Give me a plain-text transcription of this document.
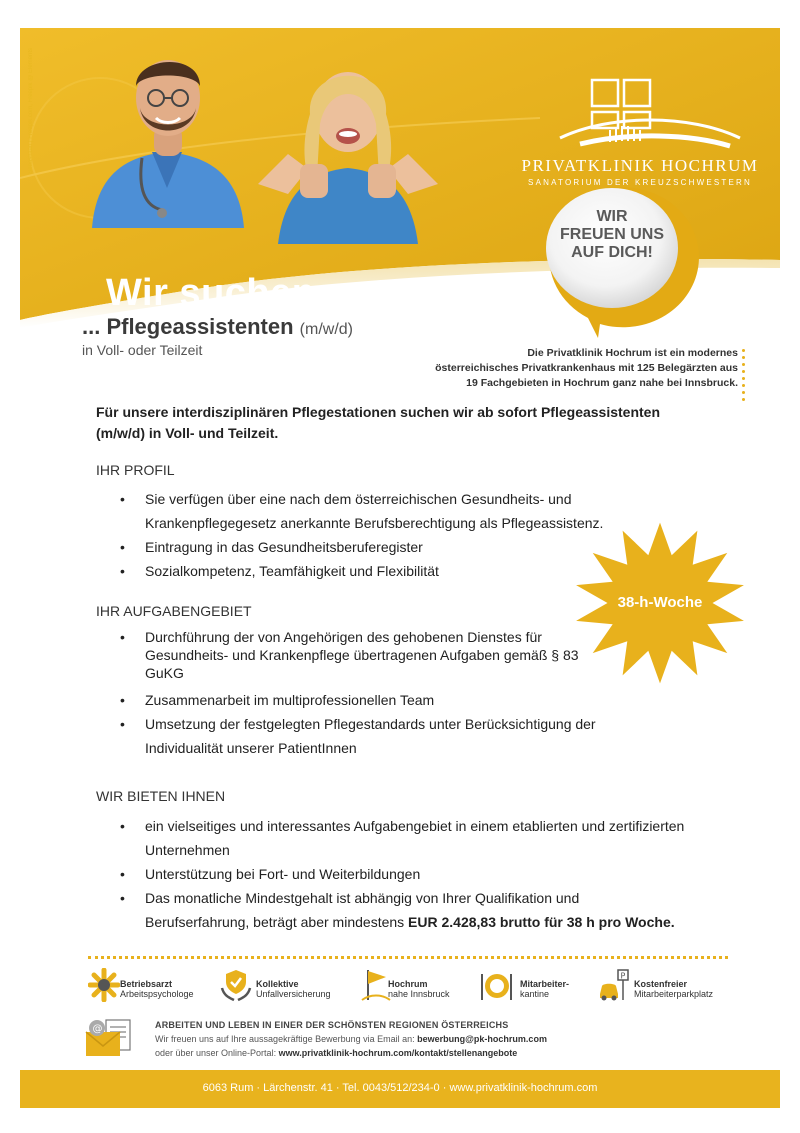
Sebastiaan | Freepik.com, Freepik @ Elements	PRIVATKLINIK HOCHRUM
SANATORIUM DER KREUZSCHWESTERN
Wir suchen ...
WIR
FREUEN UNS
AUF DICH!
... Pflegeassistenten (m/w/d)
in Voll- oder Teilzeit	Die Privatklinik Hochrum ist ein modernes
österreichisches Privatkrankenhaus mit 125 Belegärzten aus
19 Fachgebieten in Hochrum ganz nahe bei Innsbruck.
Für unsere interdisziplinären Pflegestationen suchen wir ab sofort Pflegeassistenten (m/w/d) in Voll- und Teilzeit.
IHR PROFIL
• Sie verfügen über eine nach dem österreichischen Gesundheits- und Krankenpflegegesetz anerkannte Berufsberechtigung als Pflegeassistenz.
• Eintragung in das Gesundheitsberuferegister
• Sozialkompetenz, Teamfähigkeit und Flexibilität
IHR AUFGABENGEBIET
• Durchführung der von Angehörigen des gehobenen Dienstes für Gesundheits- und Krankenpflege übertragenen Aufgaben gemäß § 83 GuKG
• Zusammenarbeit im multiprofessionellen Team
• Umsetzung der festgelegten Pflegestandards unter Berücksichtigung der Individualität unserer PatientInnen
38-h-Woche
WIR BIETEN IHNEN
• ein vielseitiges und interessantes Aufgabengebiet in einem etablierten und zertifizierten Unternehmen
• Unterstützung bei Fort- und Weiterbildungen
• Das monatliche Mindestgehalt ist abhängig von Ihrer Qualifikation und Berufserfahrung, beträgt aber mindestens EUR 2.428,83 brutto für 38 h pro Woche.
Betriebsarzt
Arbeitspsychologe
Kollektive
Unfallversicherung
Hochrum
nahe Innsbruck
Mitarbeiter-
kantine
P
Kostenfreier
Mitarbeiterparkplatz
@	ARBEITEN UND LEBEN IN EINER DER SCHÖNSTEN REGIONEN ÖSTERREICHS
Wir freuen uns auf Ihre aussagekräftige Bewerbung via Email an: bewerbung@pk-hochrum.com
oder über unser Online-Portal: www.privatklinik-hochrum.com/kontakt/stellenangebote
6063 Rum · Lärchenstr. 41 · Tel. 0043/512/234-0 · www.privatklinik-hochrum.com
